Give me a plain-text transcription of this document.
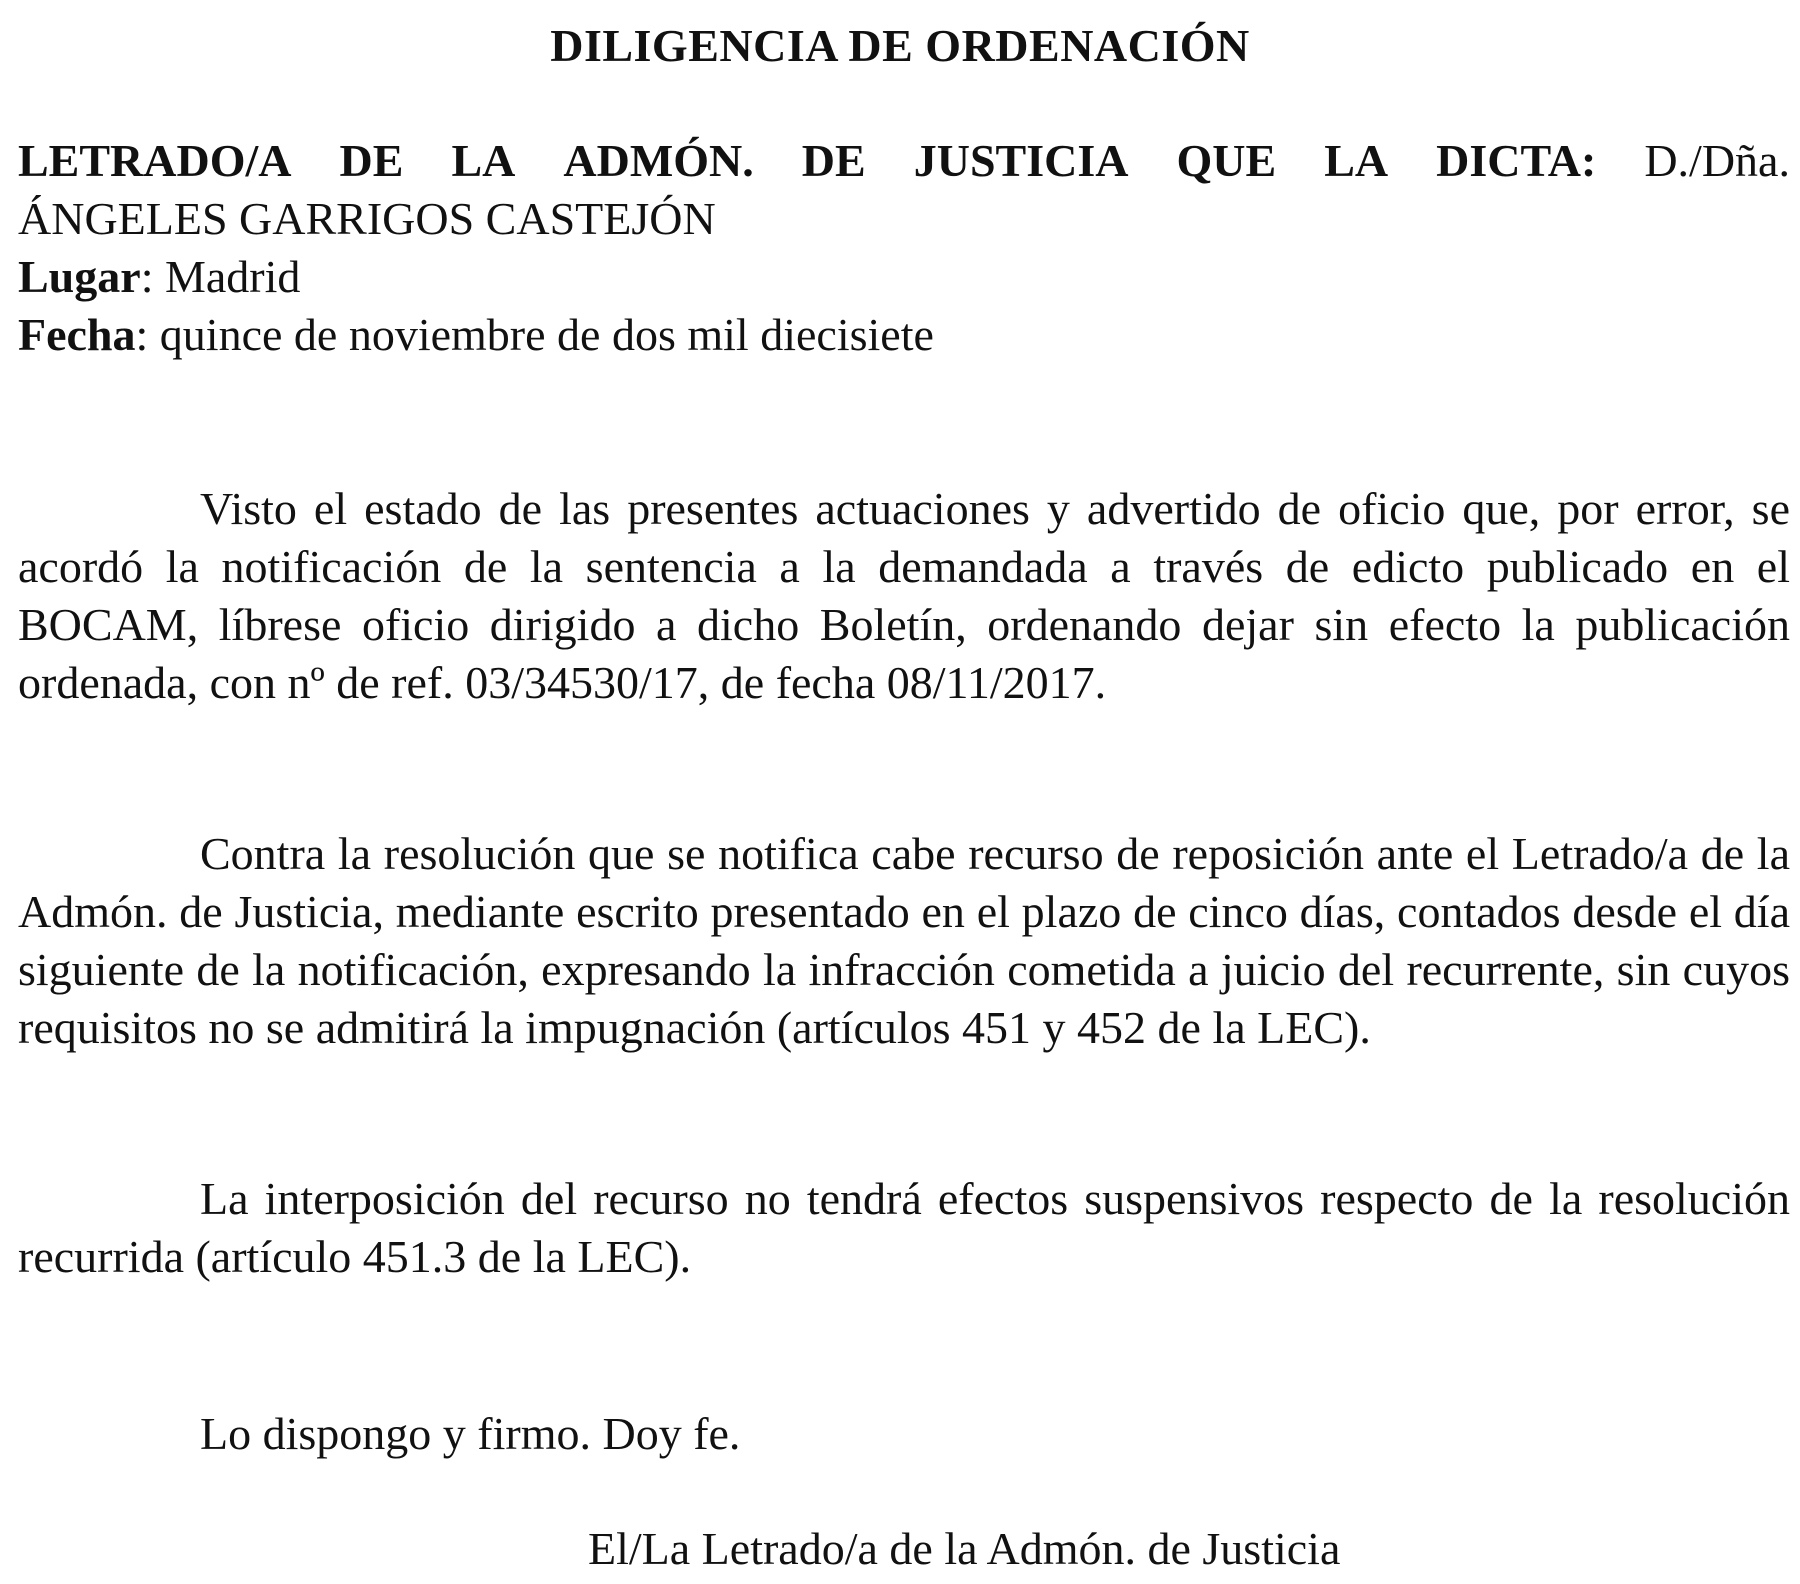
DILIGENCIA DE ORDENACIÓN
LETRADO/A DE LA ADMÓN. DE JUSTICIA QUE LA DICTA: D./Dña.
ÁNGELES GARRIGOS CASTEJÓN
Lugar: Madrid
Fecha: quince de noviembre de dos mil diecisiete

Visto el estado de las presentes actuaciones y advertido de oficio que, por error, se acordó la notificación de la sentencia a la demandada a través de edicto publicado en el BOCAM, líbrese oficio dirigido a dicho Boletín, ordenando dejar sin efecto la publicación ordenada, con nº de ref. 03/34530/17, de fecha 08/11/2017.

Contra la resolución que se notifica cabe recurso de reposición ante el Letrado/a de la Admón. de Justicia, mediante escrito presentado en el plazo de cinco días, contados desde el día siguiente de la notificación, expresando la infracción cometida a juicio del recurrente, sin cuyos requisitos no se admitirá la impugnación (artículos 451 y 452 de la LEC).

La interposición del recurso no tendrá efectos suspensivos respecto de la resolución recurrida (artículo 451.3 de la LEC).

Lo dispongo y firmo. Doy fe.
El/La Letrado/a de la Admón. de Justicia
